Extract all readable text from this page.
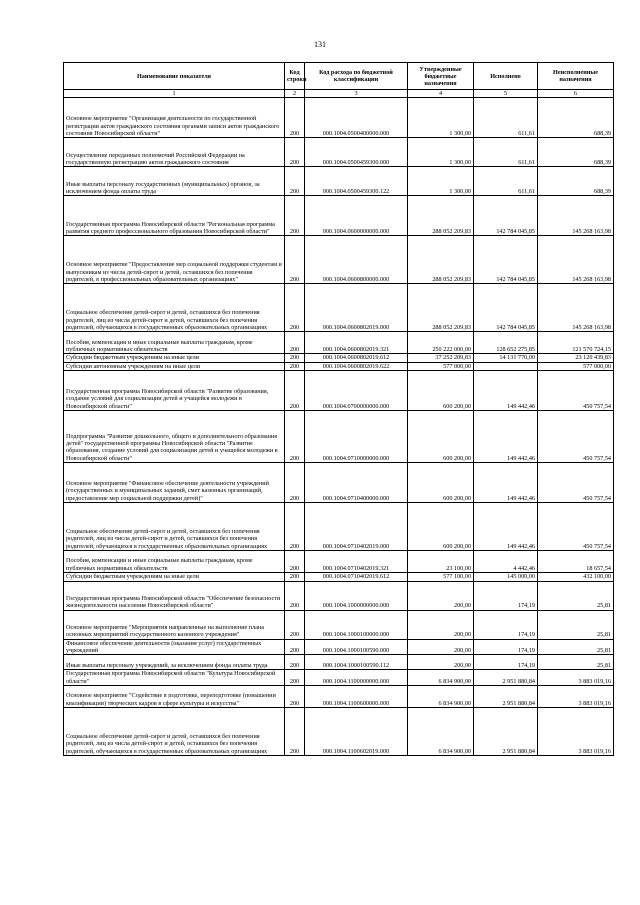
131
Наименование показателя	Код строки	Код расхода по бюджетной классификации	Утвержденные бюджетные назначения	Исполнено	Неисполненные назначения
1	2	3	4	5	6
Основное мероприятие "Организация деятельности по государственной регистрации актов гражданского состояния органами записи актов гражданского состояния Новосибирской области"	200	000.1004.0500400000.000	1 300,00	611,61	688,39
Осуществление переданных полномочий Российской Федерации на государственную регистрацию актов гражданского состояния	200	000.1004.0500459300.000	1 300,00	611,61	688,39
Иные выплаты персоналу государственных (муниципальных) органов, за исключением фонда оплаты труда	200	000.1004.0500459300.122	1 300,00	611,61	688,39
Государственная программа Новосибирской области "Региональная программа развития среднего профессионального образования Новосибирской области"	200	000.1004.0600000000.000	288 052 209,83	142 784 045,85	145 268 163,98
Основное мероприятие "Предоставление мер социальной поддержки студентам и выпускникам из числа детей-сирот и детей, оставшихся без попечения родителей, в профессиональных образовательных организациях"	200	000.1004.0600800000.000	288 052 209,83	142 784 045,85	145 268 163,98
Социальное обеспечение детей-сирот и детей, оставшихся без попечения родителей, лиц из числа детей-сирот и детей, оставшихся без попечения родителей, обучающихся в государственных образовательных организациях	200	000.1004.0600802019.000	288 052 209,83	142 784 045,85	145 268 163,98
Пособия, компенсации и иные социальные выплаты гражданам, кроме публичных нормативных обязательств	200	000.1004.0600802019.321	250 222 000,00	128 652 275,85	121 570 724,15
Субсидии бюджетным учреждениям на иные цели	200	000.1004.0600802019.612	37 252 209,83	14 131 770,00	23 120 439,83
Субсидии автономным учреждениям на иные цели	200	000.1004.0600802019.622	577 000,00		577 000,00
Государственная программа Новосибирской области "Развитие образования, создание условий для социализации детей и учащейся молодежи в Новосибирской области"	200	000.1004.0700000000.000	600 200,00	149 442,46	450 757,54
Подпрограмма "Развитие дошкольного, общего и дополнительного образования детей" государственной программы Новосибирской области "Развитие образования, создание условий для социализации детей и учащейся молодежи в Новосибирской области"	200	000.1004.0710000000.000	600 200,00	149 442,46	450 757,54
Основное мероприятие "Финансовое обеспечение деятельности учреждений (государственных и муниципальных заданий, смет казенных организаций, предоставление мер социальной поддержки детей)"	200	000.1004.0710400000.000	600 200,00	149 442,46	450 757,54
Социальное обеспечение детей-сирот и детей, оставшихся без попечения родителей, лиц из числа детей-сирот и детей, оставшихся без попечения родителей, обучающихся в государственных образовательных организациях	200	000.1004.0710402019.000	600 200,00	149 442,46	450 757,54
Пособия, компенсации и иные социальные выплаты гражданам, кроме публичных нормативных обязательств	200	000.1004.0710402019.321	23 100,00	4 442,46	18 657,54
Субсидии бюджетным учреждениям на иные цели	200	000.1004.0710402019.612	577 100,00	145 000,00	432 100,00
Государственная программа Новосибирской области "Обеспечение безопасности жизнедеятельности населения Новосибирской области"	200	000.1004.1000000000.000	200,00	174,19	25,81
Основное мероприятие "Мероприятия направленные на выполнение плана основных мероприятий государственного казенного учреждения"	200	000.1004.1000100000.000	200,00	174,19	25,81
Финансовое обеспечение деятельности (оказания услуг) государственных учреждений	200	000.1004.1000100590.000	200,00	174,19	25,81
Иные выплаты персоналу учреждений, за исключением фонда оплаты труда	200	000.1004.1000100590.112	200,00	174,19	25,81
Государственная программа Новосибирской области "Культура Новосибирской области"	200	000.1004.1100000000.000	6 834 900,00	2 951 880,84	3 883 019,16
Основное мероприятие "Содействие в подготовке, переподготовке (повышении квалификации) творческих кадров в сфере культуры и искусства"	200	000.1004.1100600000.000	6 834 900,00	2 951 880,84	3 883 019,16
Социальное обеспечение детей-сирот и детей, оставшихся без попечения родителей, лиц из числа детей-сирот и детей, оставшихся без попечения родителей, обучающихся в государственных образовательных организациях	200	000.1004.1100602019.000	6 834 900,00	2 951 880,84	3 883 019,16
